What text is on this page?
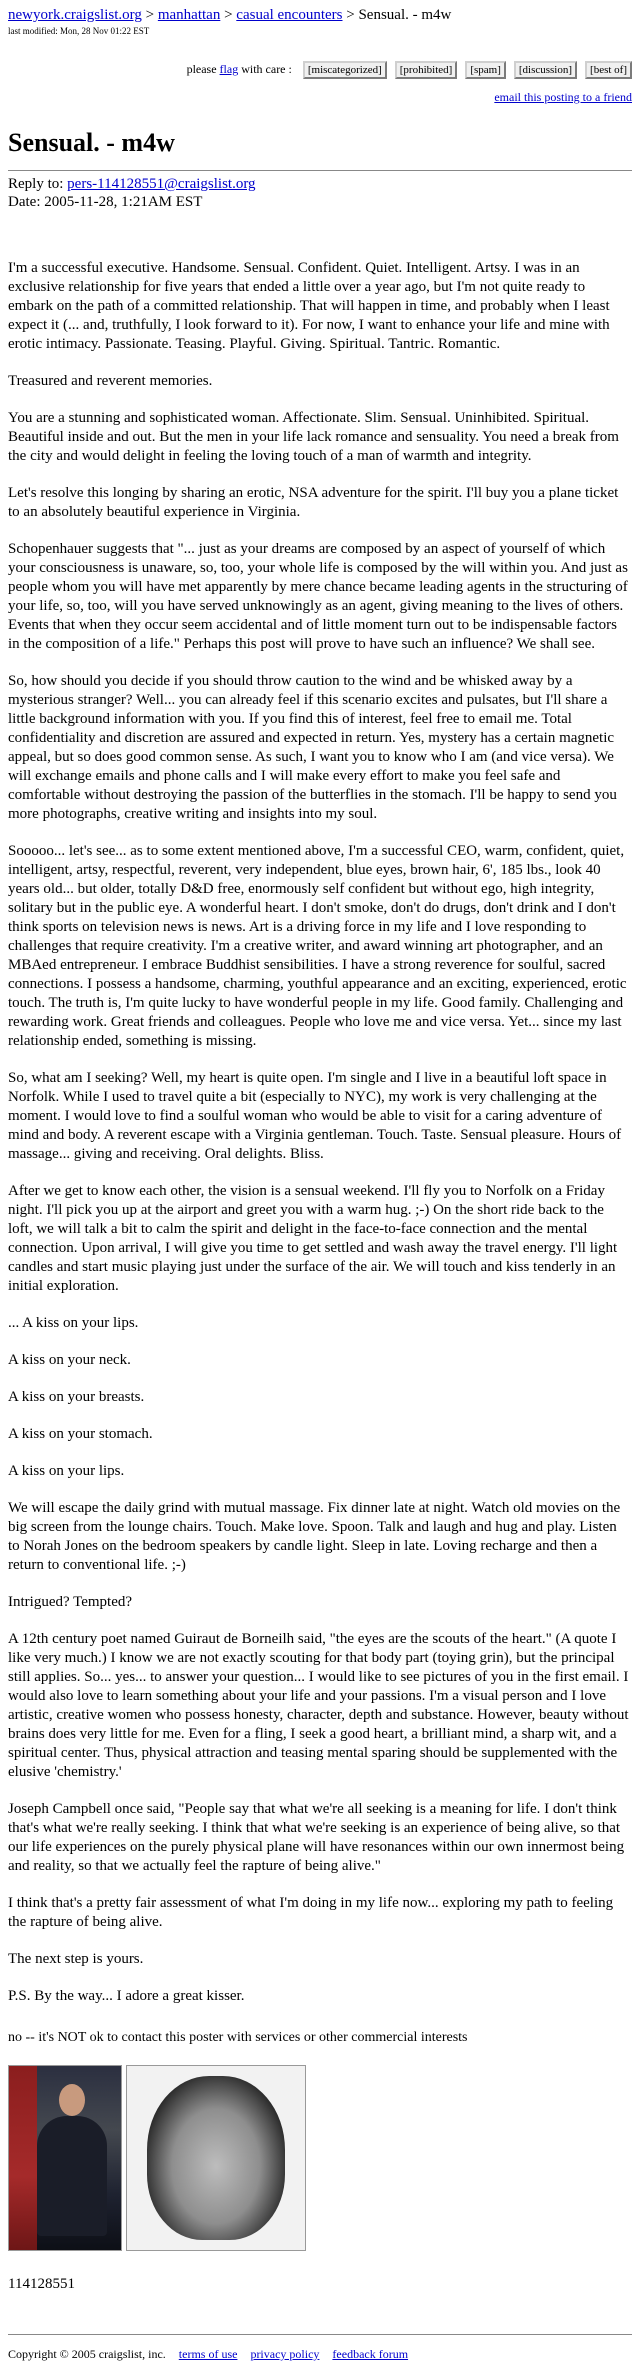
newyork.craigslist.org > manhattan > casual encounters > Sensual. - m4w
last modified: Mon, 28 Nov 01:22 EST
please flag with care : [miscategorized] [prohibited] [spam] [discussion] [best of]
email this posting to a friend
Sensual. - m4w
Reply to: pers-114128551@craigslist.org
Date: 2005-11-28, 1:21AM EST

I'm a successful executive. Handsome. Sensual. Confident. Quiet. Intelligent. Artsy. I was in an exclusive relationship for five years that ended a little over a year ago, but I'm not quite ready to embark on the path of a committed relationship. That will happen in time, and probably when I least expect it (... and, truthfully, I look forward to it). For now, I want to enhance your life and mine with erotic intimacy. Passionate. Teasing. Playful. Giving. Spiritual. Tantric. Romantic.

Treasured and reverent memories.

You are a stunning and sophisticated woman. Affectionate. Slim. Sensual. Uninhibited. Spiritual. Beautiful inside and out. But the men in your life lack romance and sensuality. You need a break from the city and would delight in feeling the loving touch of a man of warmth and integrity.

Let's resolve this longing by sharing an erotic, NSA adventure for the spirit. I'll buy you a plane ticket to an absolutely beautiful experience in Virginia.

Schopenhauer suggests that "... just as your dreams are composed by an aspect of yourself of which your consciousness is unaware, so, too, your whole life is composed by the will within you. And just as people whom you will have met apparently by mere chance became leading agents in the structuring of your life, so, too, will you have served unknowingly as an agent, giving meaning to the lives of others. Events that when they occur seem accidental and of little moment turn out to be indispensable factors in the composition of a life." Perhaps this post will prove to have such an influence? We shall see.

So, how should you decide if you should throw caution to the wind and be whisked away by a mysterious stranger? Well... you can already feel if this scenario excites and pulsates, but I'll share a little background information with you. If you find this of interest, feel free to email me. Total confidentiality and discretion are assured and expected in return. Yes, mystery has a certain magnetic appeal, but so does good common sense. As such, I want you to know who I am (and vice versa). We will exchange emails and phone calls and I will make every effort to make you feel safe and comfortable without destroying the passion of the butterflies in the stomach. I'll be happy to send you more photographs, creative writing and insights into my soul.

Sooooo... let's see... as to some extent mentioned above, I'm a successful CEO, warm, confident, quiet, intelligent, artsy, respectful, reverent, very independent, blue eyes, brown hair, 6', 185 lbs., look 40 years old... but older, totally D&D free, enormously self confident but without ego, high integrity, solitary but in the public eye. A wonderful heart. I don't smoke, don't do drugs, don't drink and I don't think sports on television news is news. Art is a driving force in my life and I love responding to challenges that require creativity. I'm a creative writer, and award winning art photographer, and an MBAed entrepreneur. I embrace Buddhist sensibilities. I have a strong reverence for soulful, sacred connections. I possess a handsome, charming, youthful appearance and an exciting, experienced, erotic touch. The truth is, I'm quite lucky to have wonderful people in my life. Good family. Challenging and rewarding work. Great friends and colleagues. People who love me and vice versa. Yet... since my last relationship ended, something is missing.

So, what am I seeking? Well, my heart is quite open. I'm single and I live in a beautiful loft space in Norfolk. While I used to travel quite a bit (especially to NYC), my work is very challenging at the moment. I would love to find a soulful woman who would be able to visit for a caring adventure of mind and body. A reverent escape with a Virginia gentleman. Touch. Taste. Sensual pleasure. Hours of massage... giving and receiving. Oral delights. Bliss.

After we get to know each other, the vision is a sensual weekend. I'll fly you to Norfolk on a Friday night. I'll pick you up at the airport and greet you with a warm hug. ;-) On the short ride back to the loft, we will talk a bit to calm the spirit and delight in the face-to-face connection and the mental connection. Upon arrival, I will give you time to get settled and wash away the travel energy. I'll light candles and start music playing just under the surface of the air. We will touch and kiss tenderly in an initial exploration.

... A kiss on your lips.

A kiss on your neck.

A kiss on your breasts.

A kiss on your stomach.

A kiss on your lips.

We will escape the daily grind with mutual massage. Fix dinner late at night. Watch old movies on the big screen from the lounge chairs. Touch. Make love. Spoon. Talk and laugh and hug and play. Listen to Norah Jones on the bedroom speakers by candle light. Sleep in late. Loving recharge and then a return to conventional life. ;-)

Intrigued? Tempted?

A 12th century poet named Guiraut de Borneilh said, "the eyes are the scouts of the heart." (A quote I like very much.) I know we are not exactly scouting for that body part (toying grin), but the principal still applies. So... yes... to answer your question... I would like to see pictures of you in the first email. I would also love to learn something about your life and your passions. I'm a visual person and I love artistic, creative women who possess honesty, character, depth and substance. However, beauty without brains does very little for me. Even for a fling, I seek a good heart, a brilliant mind, a sharp wit, and a spiritual center. Thus, physical attraction and teasing mental sparing should be supplemented with the elusive 'chemistry.'

Joseph Campbell once said, "People say that what we're all seeking is a meaning for life. I don't think that's what we're really seeking. I think that what we're seeking is an experience of being alive, so that our life experiences on the purely physical plane will have resonances within our own innermost being and reality, so that we actually feel the rapture of being alive."

I think that's a pretty fair assessment of what I'm doing in my life now... exploring my path to feeling the rapture of being alive.

The next step is yours.

P.S. By the way... I adore a great kisser.

no -- it's NOT ok to contact this poster with services or other commercial interests
114128551
Copyright © 2005 craigslist, inc. terms of use privacy policy feedback forum
